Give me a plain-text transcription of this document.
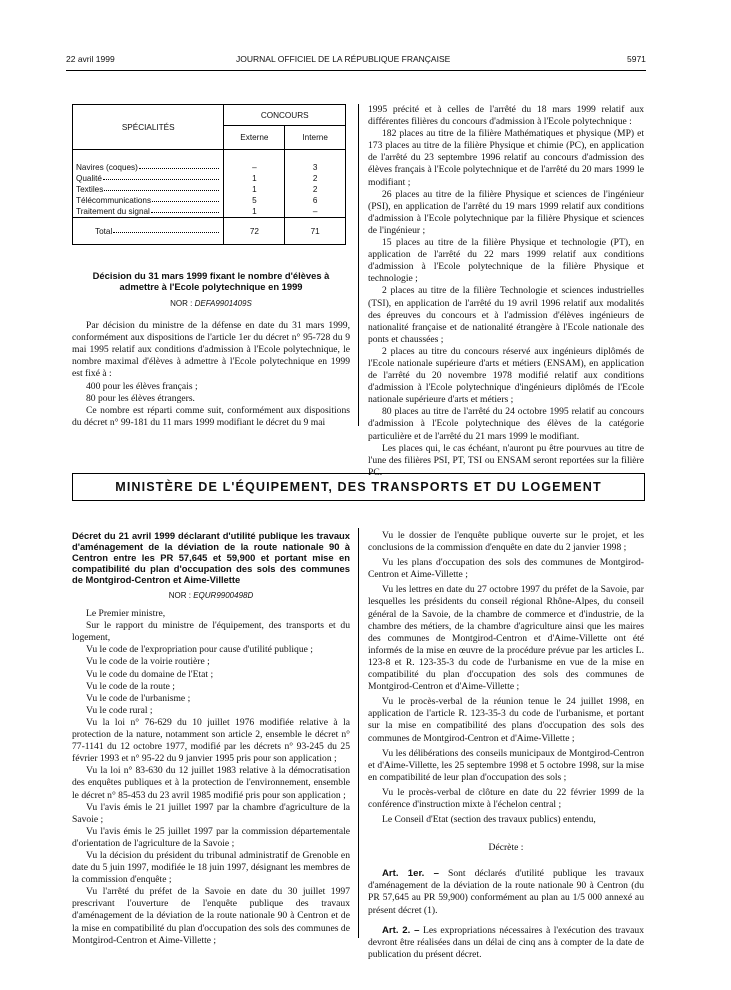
22 avril 1999	JOURNAL OFFICIEL DE LA RÉPUBLIQUE FRANÇAISE	5971
SPÉCIALITÉS	CONCOURS	
	Externe	Interne

Navires (coques)	–	3

Qualité	1	2

Textiles	1	2

Télécommunications	5	6

Traitement du signal	1	–

Total	72	71
Décision du 31 mars 1999 fixant le nombre d'élèves à admettre à l'Ecole polytechnique en 1999
NOR : DEFA9901409S

Par décision du ministre de la défense en date du 31 mars 1999, conformément aux dispositions de l'article 1er du décret n° 95-728 du 9 mai 1995 relatif aux conditions d'admission à l'Ecole polytechnique, le nombre maximal d'élèves à admettre à l'Ecole polytechnique en 1999 est fixé à :

400 pour les élèves français ;

80 pour les élèves étrangers.

Ce nombre est réparti comme suit, conformément aux dispositions du décret n° 99-181 du 11 mars 1999 modifiant le décret du 9 mai

1995 précité et à celles de l'arrêté du 18 mars 1999 relatif aux différentes filières du concours d'admission à l'Ecole polytechnique :

182 places au titre de la filière Mathématiques et physique (MP) et 173 places au titre de la filière Physique et chimie (PC), en application de l'arrêté du 23 septembre 1996 relatif au concours d'admission des élèves français à l'Ecole polytechnique et de l'arrêté du 20 mars 1999 le modifiant ;

26 places au titre de la filière Physique et sciences de l'ingénieur (PSI), en application de l'arrêté du 19 mars 1999 relatif aux conditions d'admission à l'Ecole polytechnique par la filière Physique et sciences de l'ingénieur ;

15 places au titre de la filière Physique et technologie (PT), en application de l'arrêté du 22 mars 1999 relatif aux conditions d'admission à l'Ecole polytechnique de la filière Physique et technologie ;

2 places au titre de la filière Technologie et sciences industrielles (TSI), en application de l'arrêté du 19 avril 1996 relatif aux modalités des épreuves du concours et à l'admission d'élèves ingénieurs de nationalité française et de nationalité étrangère à l'Ecole nationale des ponts et chaussées ;

2 places au titre du concours réservé aux ingénieurs diplômés de l'Ecole nationale supérieure d'arts et métiers (ENSAM), en application de l'arrêté du 20 novembre 1978 modifié relatif aux conditions d'admission à l'Ecole polytechnique d'ingénieurs diplômés de l'Ecole nationale supérieure d'arts et métiers ;

80 places au titre de l'arrêté du 24 octobre 1995 relatif au concours d'admission à l'Ecole polytechnique des élèves de la catégorie particulière et de l'arrêté du 21 mars 1999 le modifiant.

Les places qui, le cas échéant, n'auront pu être pourvues au titre de l'une des filières PSI, PT, TSI ou ENSAM seront reportées sur la filière PC.

MINISTÈRE DE L'ÉQUIPEMENT, DES TRANSPORTS ET DU LOGEMENT
Décret du 21 avril 1999 déclarant d'utilité publique les travaux d'aménagement de la déviation de la route nationale 90 à Centron entre les PR 57,645 et 59,900 et portant mise en compatibilité du plan d'occupation des sols des communes de Montgirod-Centron et Aime-Villette
NOR : EQUR9900498D

Le Premier ministre,

Sur le rapport du ministre de l'équipement, des transports et du logement,

Vu le code de l'expropriation pour cause d'utilité publique ;

Vu le code de la voirie routière ;

Vu le code du domaine de l'Etat ;

Vu le code de la route ;

Vu le code de l'urbanisme ;

Vu le code rural ;

Vu la loi n° 76-629 du 10 juillet 1976 modifiée relative à la protection de la nature, notamment son article 2, ensemble le décret n° 77-1141 du 12 octobre 1977, modifié par les décrets n° 93-245 du 25 février 1993 et n° 95-22 du 9 janvier 1995 pris pour son application ;

Vu la loi n° 83-630 du 12 juillet 1983 relative à la démocratisation des enquêtes publiques et à la protection de l'environnement, ensemble le décret n° 85-453 du 23 avril 1985 modifié pris pour son application ;

Vu l'avis émis le 21 juillet 1997 par la chambre d'agriculture de la Savoie ;

Vu l'avis émis le 25 juillet 1997 par la commission départementale d'orientation de l'agriculture de la Savoie ;

Vu la décision du président du tribunal administratif de Grenoble en date du 5 juin 1997, modifiée le 18 juin 1997, désignant les membres de la commission d'enquête ;

Vu l'arrêté du préfet de la Savoie en date du 30 juillet 1997 prescrivant l'ouverture de l'enquête publique des travaux d'aménagement de la déviation de la route nationale 90 à Centron et de la mise en compatibilité du plan d'occupation des sols des communes de Montgirod-Centron et Aime-Villette ;

Vu le dossier de l'enquête publique ouverte sur le projet, et les conclusions de la commission d'enquête en date du 2 janvier 1998 ;

Vu les plans d'occupation des sols des communes de Montgirod-Centron et Aime-Villette ;

Vu les lettres en date du 27 octobre 1997 du préfet de la Savoie, par lesquelles les présidents du conseil régional Rhône-Alpes, du conseil général de la Savoie, de la chambre de commerce et d'industrie, de la chambre des métiers, de la chambre d'agriculture ainsi que les maires des communes de Montgirod-Centron et d'Aime-Villette ont été informés de la mise en œuvre de la procédure prévue par les articles L. 123-8 et R. 123-35-3 du code de l'urbanisme en vue de la mise en compatibilité du plan d'occupation des sols des communes de Montgirod-Centron et d'Aime-Villette ;

Vu le procès-verbal de la réunion tenue le 24 juillet 1998, en application de l'article R. 123-35-3 du code de l'urbanisme, et portant sur la mise en compatibilité des plans d'occupation des sols des communes de Montgirod-Centron et d'Aime-Villette ;

Vu les délibérations des conseils municipaux de Montgirod-Centron et d'Aime-Villette, les 25 septembre 1998 et 5 octobre 1998, sur la mise en compatibilité de leur plan d'occupation des sols ;

Vu le procès-verbal de clôture en date du 22 février 1999 de la conférence d'instruction mixte à l'échelon central ;

Le Conseil d'Etat (section des travaux publics) entendu,

Décrète :

Art. 1er. – Sont déclarés d'utilité publique les travaux d'aménagement de la déviation de la route nationale 90 à Centron (du PR 57,645 au PR 59,900) conformément au plan au 1/5 000 annexé au présent décret (1).

Art. 2. – Les expropriations nécessaires à l'exécution des travaux devront être réalisées dans un délai de cinq ans à compter de la date de publication du présent décret.
